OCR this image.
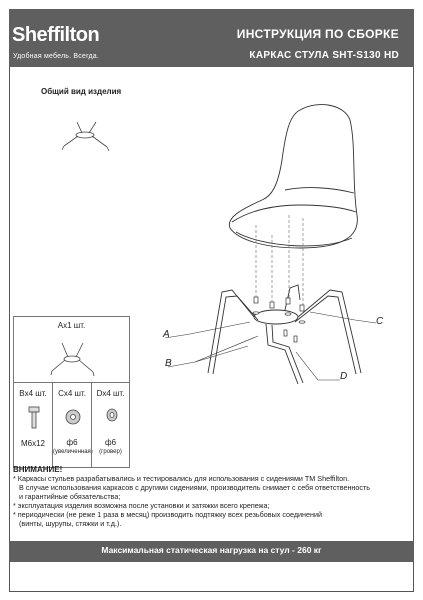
Sheffilton
Удобная мебель. Всегда.
ИНСТРУКЦИЯ ПО СБОРКЕ
КАРКАС СТУЛА SHT-S130 HD
Общий вид изделия
A
B
C
D
Ax1 шт.
Bx4 шт.
M6x12
Cx4 шт.
ф6
(увеличенная)
Dx4 шт.
ф6
(гровер)
ВНИМАНИЕ!
* Каркасы стульев разрабатывались и тестировались для использования с сидениями ТМ Sheffilton.
В случае использования каркасов с другими сидениями, производитель снимает с себя ответственность
и гарантийные обязательства;
* эксплуатация изделия возможна после установки и затяжки всего крепежа;
* периодически (не реже 1 раза в месяц) производить подтяжку всех резьбовых соединений
(винты, шурупы, стяжки и т.д.).
Максимальная статическая нагрузка на стул - 260 кг
